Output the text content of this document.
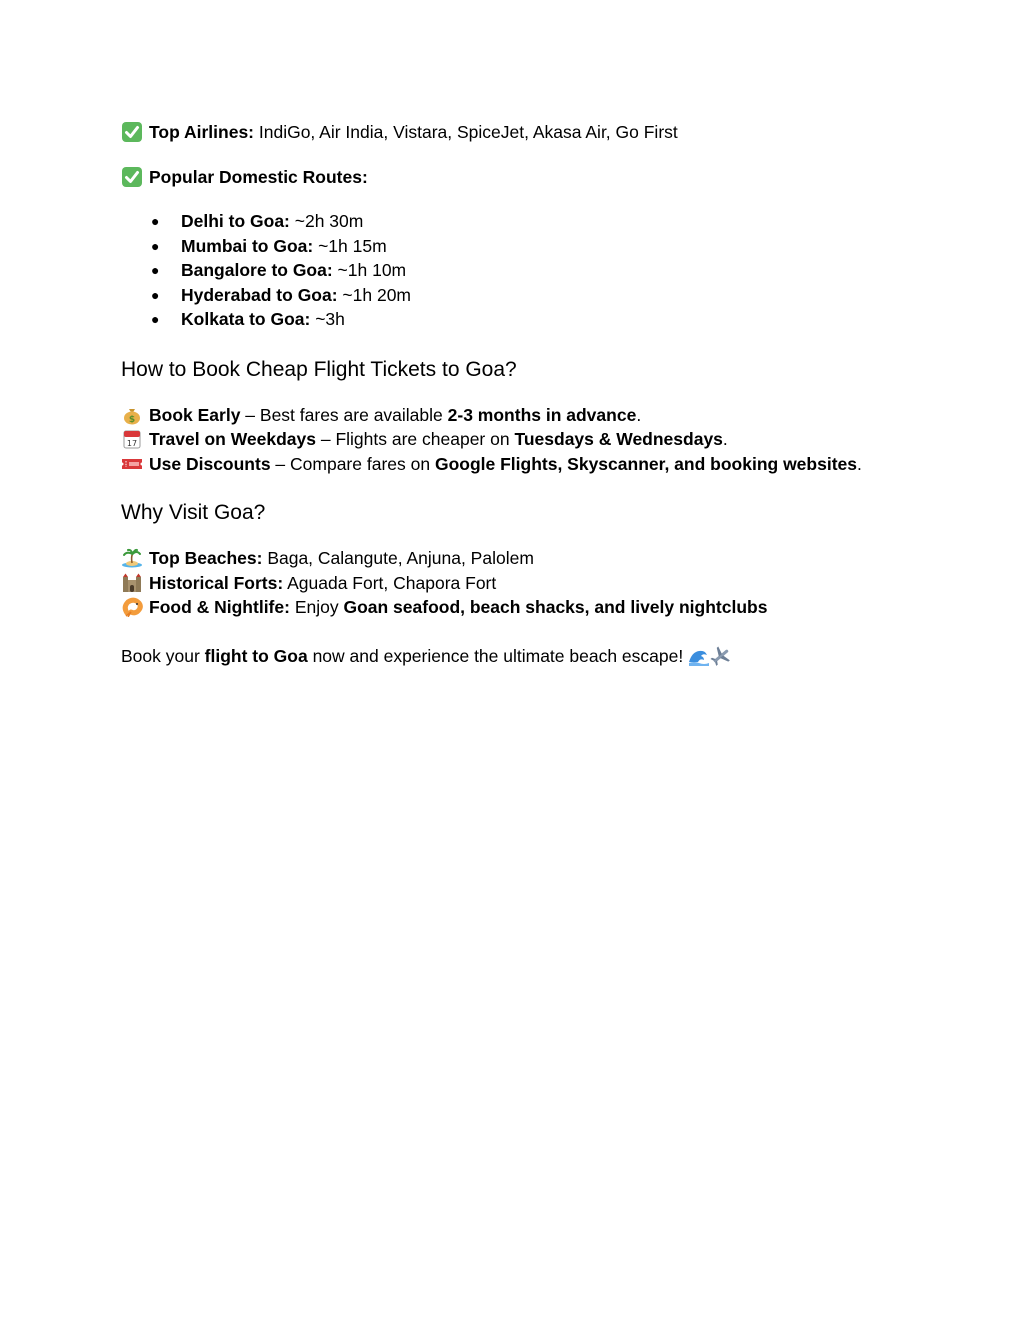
Top Airlines: IndiGo, Air India, Vistara, SpiceJet, Akasa Air, Go First

Popular Domestic Routes:

● Delhi to Goa: ~2h 30m
● Mumbai to Goa: ~1h 15m
● Bangalore to Goa: ~1h 10m
● Hyderabad to Goa: ~1h 20m
● Kolkata to Goa: ~3h
How to Book Cheap Flight Tickets to Goa?

$ Book Early – Best fares are available 2-3 months in advance.

17 Travel on Weekdays – Flights are cheaper on Tuesdays & Wednesdays.

Use Discounts – Compare fares on Google Flights, Skyscanner, and booking websites.

Why Visit Goa?

Top Beaches: Baga, Calangute, Anjuna, Palolem

Historical Forts: Aguada Fort, Chapora Fort

Food & Nightlife: Enjoy Goan seafood, beach shacks, and lively nightclubs

Book your flight to Goa now and experience the ultimate beach escape!
